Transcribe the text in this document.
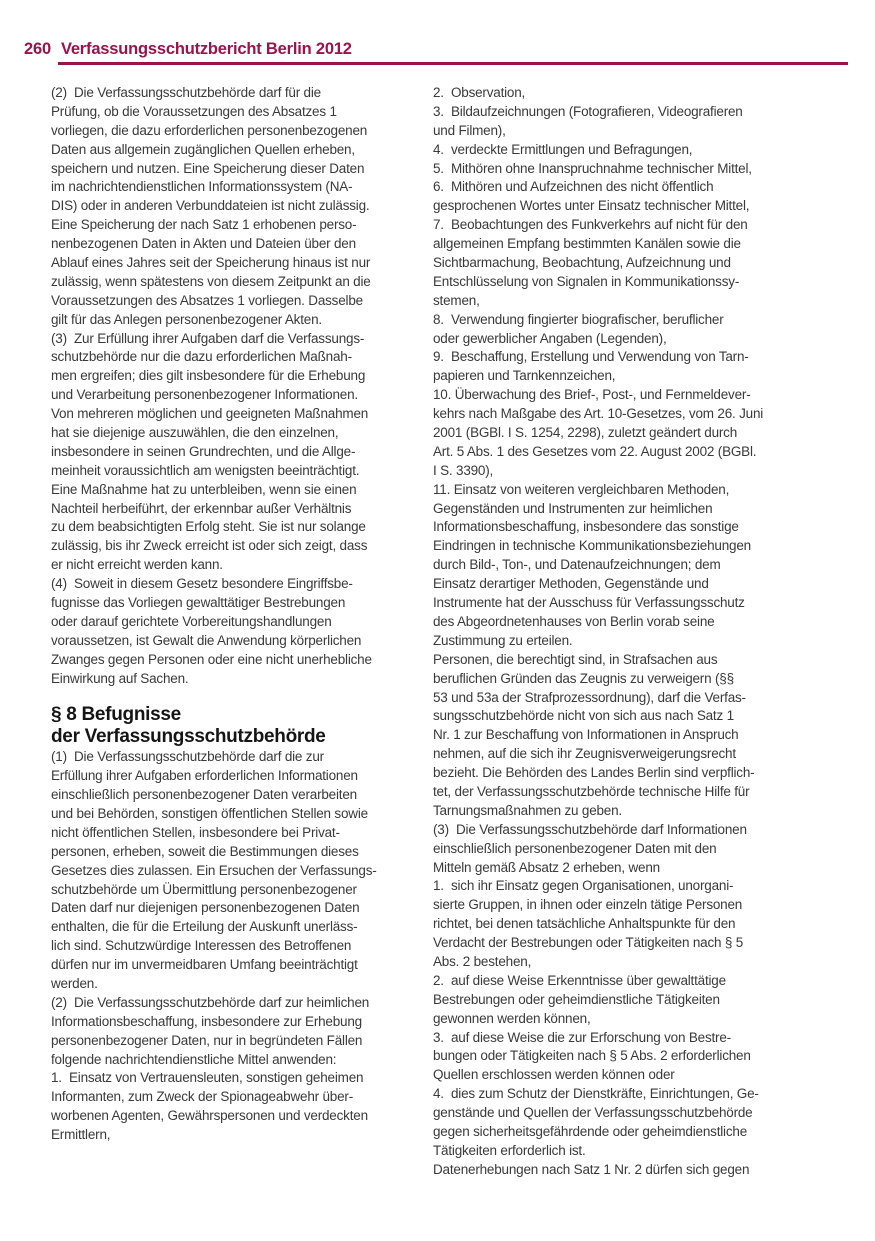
260 Verfassungsschutzbericht Berlin 2012
(2)  Die Verfassungsschutzbehörde darf für die
Prüfung, ob die Voraussetzungen des Absatzes 1
vorliegen, die dazu erforderlichen personenbezogenen
Daten aus allgemein zugänglichen Quellen erheben,
speichern und nutzen. Eine Speicherung dieser Daten
im nachrichtendienstlichen Informationssystem (NA-
DIS) oder in anderen Verbunddateien ist nicht zulässig.
Eine Speicherung der nach Satz 1 erhobenen perso-
nenbezogenen Daten in Akten und Dateien über den
Ablauf eines Jahres seit der Speicherung hinaus ist nur
zulässig, wenn spätestens von diesem Zeitpunkt an die
Voraussetzungen des Absatzes 1 vorliegen. Dasselbe
gilt für das Anlegen personenbezogener Akten.
(3)  Zur Erfüllung ihrer Aufgaben darf die Verfassungs-
schutzbehörde nur die dazu erforderlichen Maßnah-
men ergreifen; dies gilt insbesondere für die Erhebung
und Verarbeitung personenbezogener Informationen.
Von mehreren möglichen und geeigneten Maßnahmen
hat sie diejenige auszuwählen, die den einzelnen,
insbesondere in seinen Grundrechten, und die Allge-
meinheit voraussichtlich am wenigsten beeinträchtigt.
Eine Maßnahme hat zu unterbleiben, wenn sie einen
Nachteil herbeiführt, der erkennbar außer Verhältnis
zu dem beabsichtigten Erfolg steht. Sie ist nur solange
zulässig, bis ihr Zweck erreicht ist oder sich zeigt, dass
er nicht erreicht werden kann.
(4)  Soweit in diesem Gesetz besondere Eingriffsbe-
fugnisse das Vorliegen gewalttätiger Bestrebungen
oder darauf gerichtete Vorbereitungshandlungen
voraussetzen, ist Gewalt die Anwendung körperlichen
Zwanges gegen Personen oder eine nicht unerhebliche
Einwirkung auf Sachen.
§ 8 Befugnisse
der Verfassungsschutzbehörde
(1)  Die Verfassungsschutzbehörde darf die zur
Erfüllung ihrer Aufgaben erforderlichen Informationen
einschließlich personenbezogener Daten verarbeiten
und bei Behörden, sonstigen öffentlichen Stellen sowie
nicht öffentlichen Stellen, insbesondere bei Privat-
personen, erheben, soweit die Bestimmungen dieses
Gesetzes dies zulassen. Ein Ersuchen der Verfassungs-
schutzbehörde um Übermittlung personenbezogener
Daten darf nur diejenigen personenbezogenen Daten
enthalten, die für die Erteilung der Auskunft unerläss-
lich sind. Schutzwürdige Interessen des Betroffenen
dürfen nur im unvermeidbaren Umfang beeinträchtigt
werden.
(2)  Die Verfassungsschutzbehörde darf zur heimlichen
Informationsbeschaffung, insbesondere zur Erhebung
personenbezogener Daten, nur in begründeten Fällen
folgende nachrichtendienstliche Mittel anwenden:
1.  Einsatz von Vertrauensleuten, sonstigen geheimen
Informanten, zum Zweck der Spionageabwehr über-
worbenen Agenten, Gewährspersonen und verdeckten
Ermittlern,
2.  Observation,
3.  Bildaufzeichnungen (Fotografieren, Videografieren
und Filmen),
4.  verdeckte Ermittlungen und Befragungen,
5.  Mithören ohne Inanspruchnahme technischer Mittel,
6.  Mithören und Aufzeichnen des nicht öffentlich
gesprochenen Wortes unter Einsatz technischer Mittel,
7.  Beobachtungen des Funkverkehrs auf nicht für den
allgemeinen Empfang bestimmten Kanälen sowie die
Sichtbarmachung, Beobachtung, Aufzeichnung und
Entschlüsselung von Signalen in Kommunikationssy-
stemen,
8.  Verwendung fingierter biografischer, beruflicher
oder gewerblicher Angaben (Legenden),
9.  Beschaffung, Erstellung und Verwendung von Tarn-
papieren und Tarnkennzeichen,
10. Überwachung des Brief-, Post-, und Fernmeldever-
kehrs nach Maßgabe des Art. 10-Gesetzes, vom 26. Juni
2001 (BGBl. I S. 1254, 2298), zuletzt geändert durch
Art. 5 Abs. 1 des Gesetzes vom 22. August 2002 (BGBl.
I S. 3390),
11. Einsatz von weiteren vergleichbaren Methoden,
Gegenständen und Instrumenten zur heimlichen
Informationsbeschaffung, insbesondere das sonstige
Eindringen in technische Kommunikationsbeziehungen
durch Bild-, Ton-, und Datenaufzeichnungen; dem
Einsatz derartiger Methoden, Gegenstände und
Instrumente hat der Ausschuss für Verfassungsschutz
des Abgeordnetenhauses von Berlin vorab seine
Zustimmung zu erteilen.
Personen, die berechtigt sind, in Strafsachen aus
beruflichen Gründen das Zeugnis zu verweigern (§§
53 und 53a der Strafprozessordnung), darf die Verfas-
sungsschutzbehörde nicht von sich aus nach Satz 1
Nr. 1 zur Beschaffung von Informationen in Anspruch
nehmen, auf die sich ihr Zeugnisverweigerungsrecht
bezieht. Die Behörden des Landes Berlin sind verpflich-
tet, der Verfassungsschutzbehörde technische Hilfe für
Tarnungsmaßnahmen zu geben.
(3)  Die Verfassungsschutzbehörde darf Informationen
einschließlich personenbezogener Daten mit den
Mitteln gemäß Absatz 2 erheben, wenn
1.  sich ihr Einsatz gegen Organisationen, unorgani-
sierte Gruppen, in ihnen oder einzeln tätige Personen
richtet, bei denen tatsächliche Anhaltspunkte für den
Verdacht der Bestrebungen oder Tätigkeiten nach § 5
Abs. 2 bestehen,
2.  auf diese Weise Erkenntnisse über gewalttätige
Bestrebungen oder geheimdienstliche Tätigkeiten
gewonnen werden können,
3.  auf diese Weise die zur Erforschung von Bestre-
bungen oder Tätigkeiten nach § 5 Abs. 2 erforderlichen
Quellen erschlossen werden können oder
4.  dies zum Schutz der Dienstkräfte, Einrichtungen, Ge-
genstände und Quellen der Verfassungsschutzbehörde
gegen sicherheitsgefährdende oder geheimdienstliche
Tätigkeiten erforderlich ist.
Datenerhebungen nach Satz 1 Nr. 2 dürfen sich gegen
